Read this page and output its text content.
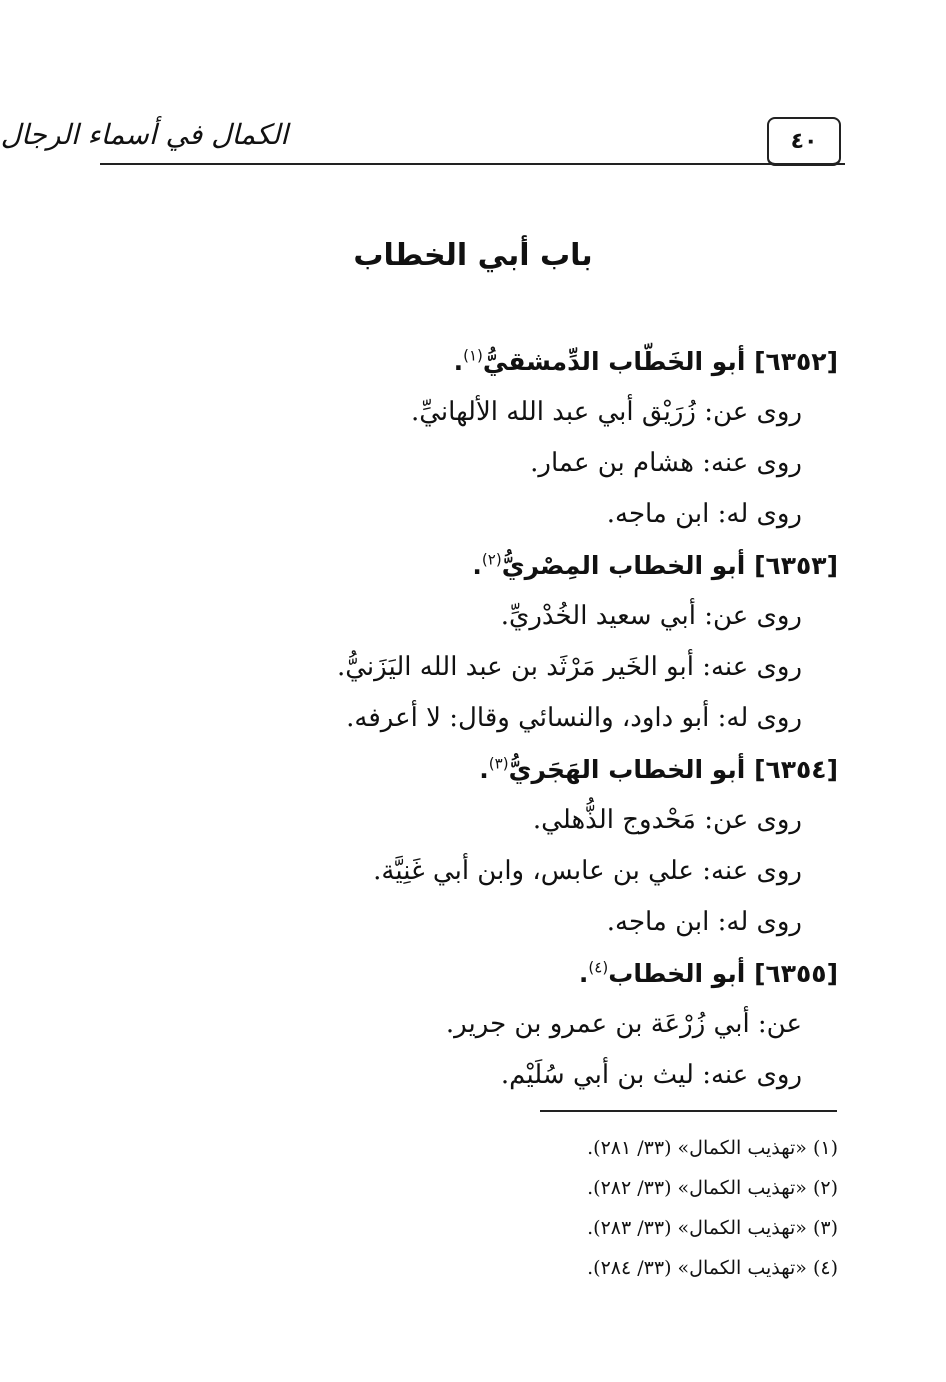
٤٠
الكمال في أسماء الرجال
باب أبي الخطاب
[٦٣٥٢] أبو الخَطّاب الدِّمشقيُّ$^{(١)}$.
روى عن: زُرَيْق أبي عبد الله الألهانيِّ.
روى عنه: هشام بن عمار.
روى له: ابن ماجه.
[٦٣٥٣] أبو الخطاب المِصْريُّ$^{(٢)}$.
روى عن: أبي سعيد الخُدْريِّ.
روى عنه: أبو الخَير مَرْثَد بن عبد الله اليَزَنيُّ.
روى له: أبو داود، والنسائي وقال: لا أعرفه.
[٦٣٥٤] أبو الخطاب الهَجَريُّ$^{(٣)}$.
روى عن: مَحْدوج الذُّهلي.
روى عنه: علي بن عابس، وابن أبي غَنِيَّة.
روى له: ابن ماجه.
[٦٣٥٥] أبو الخطاب$^{(٤)}$.
عن: أبي زُرْعَة بن عمرو بن جرير.
روى عنه: ليث بن أبي سُلَيْم.
(١) «تهذيب الكمال» (٣٣/ ٢٨١).
(٢) «تهذيب الكمال» (٣٣/ ٢٨٢).
(٣) «تهذيب الكمال» (٣٣/ ٢٨٣).
(٤) «تهذيب الكمال» (٣٣/ ٢٨٤).
